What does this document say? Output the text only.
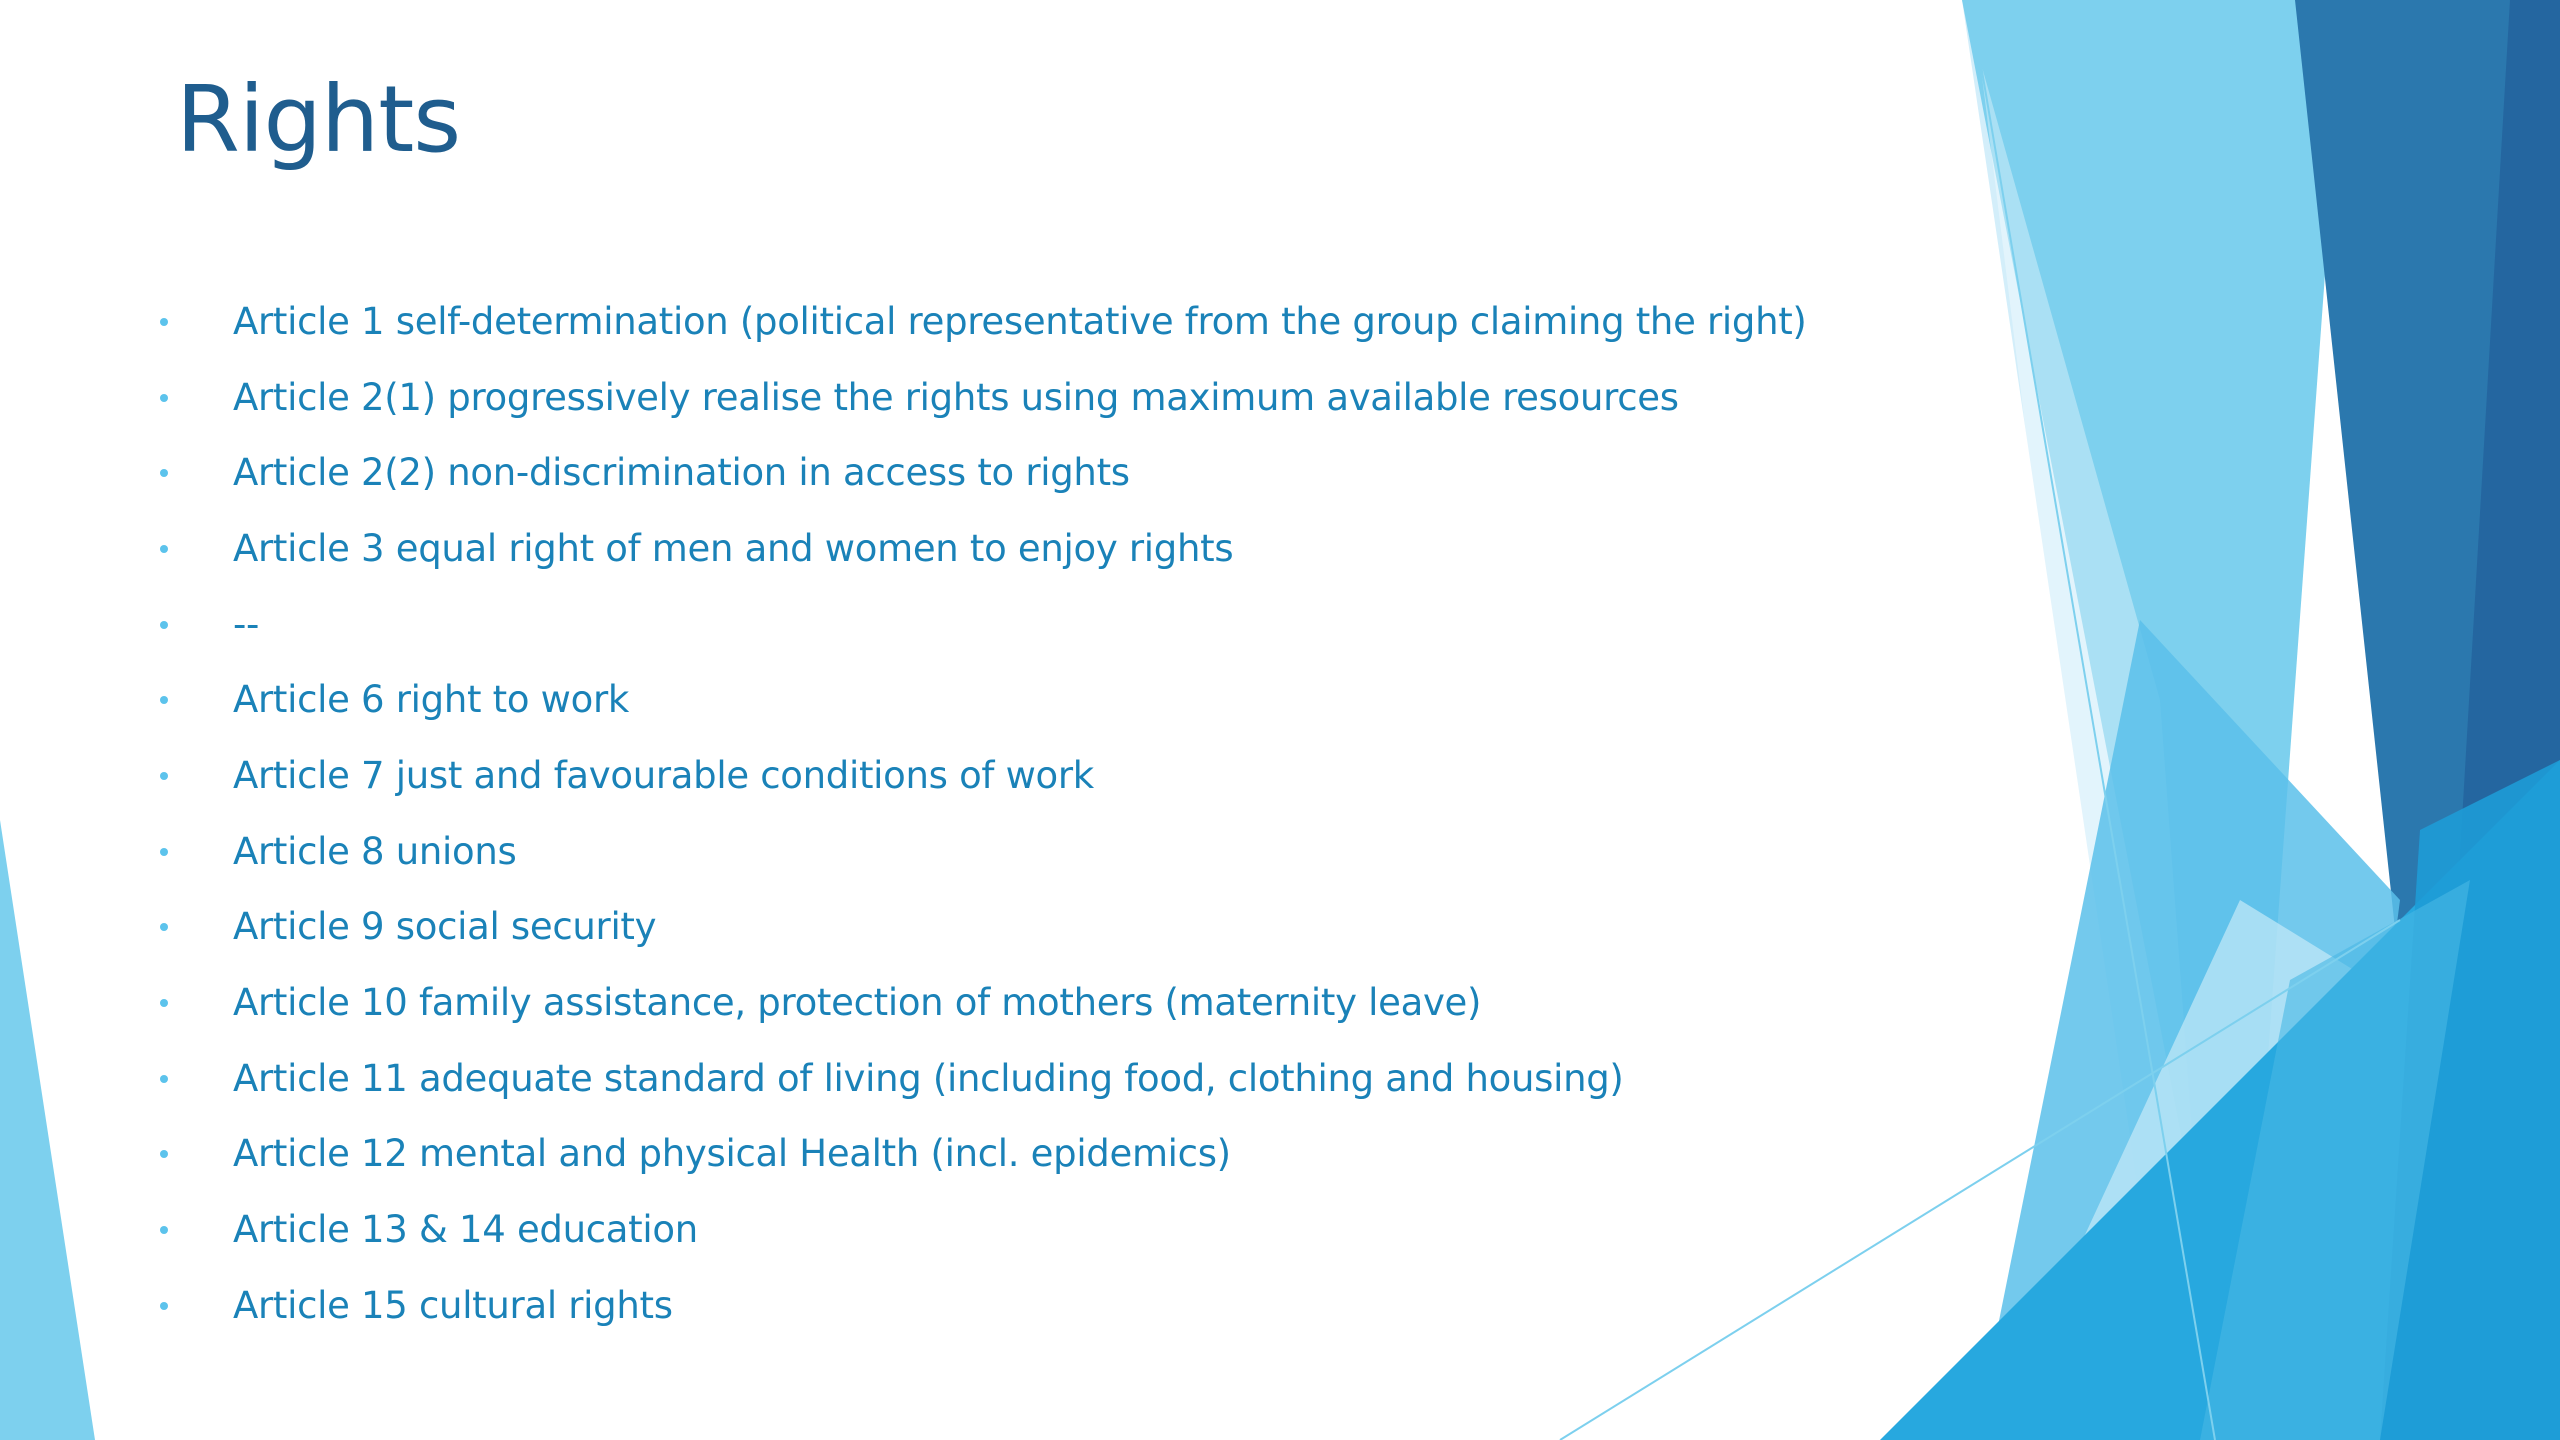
Rights
Article 1 self-determination (political representative from the group claiming the right)
Article 2(1) progressively realise the rights using maximum available resources
Article 2(2) non-discrimination in access to rights
Article 3 equal right of men and women to enjoy rights
--
Article 6 right to work
Article 7 just and favourable conditions of work
Article 8 unions
Article 9 social security
Article 10 family assistance, protection of mothers (maternity leave)
Article 11 adequate standard of living (including food, clothing and housing)
Article 12 mental and physical Health (incl. epidemics)
Article 13 & 14 education
Article 15 cultural rights
